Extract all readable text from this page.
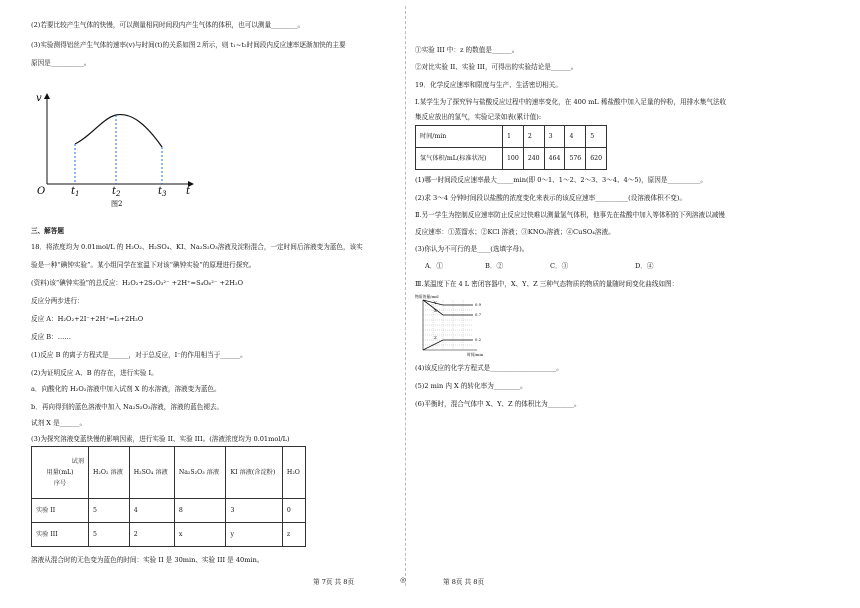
(2)若要比较产生气体的快慢，可以测量相同时间段内产生气体的体积，也可以测量________。
(3)实验测得铝丝产生气体的速率(v)与时间(t)的关系如图２所示，则 t₁~t₂时间段内反应速率逐渐加快的主要
原因是__________。
v
O	$t_1$	$t_2$	$t_3$ t
图2
三、解答题
18．将浓度均为 0.01mol/L 的 H₂O₂、H₂SO₄、KI、Na₂S₂O₃溶液及淀粉混合，一定时间后溶液变为蓝色，该实
验是一种“碘钟实验”。某小组同学在室温下对该“碘钟实验”的原理进行探究。
(资料)该“碘钟实验”的总反应：H₂O₂+2S₂O₃²⁻ +2H⁺=S₄O₆²⁻ +2H₂O
反应分两步进行：
反应 A：H₂O₂+2I⁻+2H⁺=I₂+2H₂O
反应 B：……
(1)反应 B 的离子方程式是______，对于总反应，I⁻的作用相当于______。
(2)为证明反应 A、B 的存在，进行实验 I。
a．向酸化的 H₂O₂溶液中加入试剂 X 的水溶液，溶液变为蓝色。
b．再向得到的蓝色溶液中加入 Na₂S₂O₃溶液，溶液的蓝色褪去。
试剂 X 是______。
(3)为探究溶液变蓝快慢的影响因素，进行实验 II、实验 III。(溶液浓度均为 0.01mol/L)
试剂
用量(mL)
序号	H₂O₂ 溶液	H₂SO₄ 溶液	Na₂S₂O₃ 溶液	KI 溶液(含淀粉)	H₂O
实验 II	5	4	8	3	0
实验 III	5	2	x	y	z
溶液从混合时的无色变为蓝色的时间：实验 II 是 30min、实验 III 是 40min。
①实验 III 中：z 的数值是______。
②对比实验 II、实验 III，可得出的实验结论是______。
19．化学反应速率和限度与生产、生活密切相关。
Ⅰ.某学生为了探究锌与盐酸反应过程中的速率变化，在 400 mL 稀盐酸中加入足量的锌粉，用排水集气法收
集反应放出的氢气，实验记录如表(累计值):
时间/min	1	2	3	4	5
氢气体积/mL(标准状况)	100	240	464	576	620
(1)哪一时间段反应速率最大_____min(即 0～1、1～2、2～3、3～4、4～5)，原因是__________。
(2)求 3～4 分钟时间段以盐酸的浓度变化来表示的该反应速率__________(设溶液体积不变)。
Ⅱ.另一学生为控制反应速率防止反应过快难以测量氢气体积，他事先在盐酸中加入等体积的下列溶液以减慢
反应速率：①蒸馏水；②KCl 溶液；③KNO₃溶液；④CuSO₄溶液。
(3)你认为不可行的是____(选填字母)。
A．①	B．②	C．③	D．④
Ⅲ.某温度下在 4 L 密闭容器中，X、Y、Z 三种气态物质的物质的量随时间变化曲线如图：
物质的量/mol
Y
X
Z
0.9
0.7
0.2
时间/min
(4)该反应的化学方程式是____________________。
(5)2 min 内 X 的转化率为________。
(6)平衡时，混合气体中 X、Y、Z 的体积比为________。
第 7页 共 8页	◎	第 8页 共 8页
